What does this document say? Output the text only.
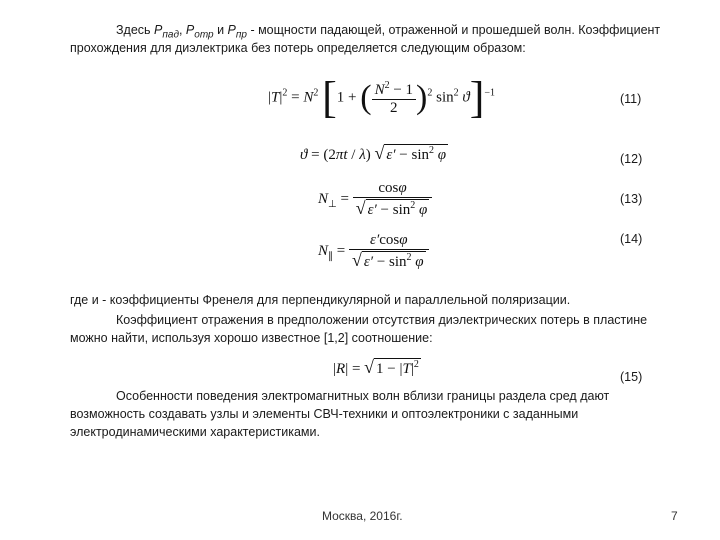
Здесь $Р_{пад}$, $Р_{отр}$ и $Р_{пр}$ - мощности падающей, отраженной и прошедшей волн. Коэффициент
прохождения для диэлектрика без потерь определяется следующим образом:
$|T|^2 = N^2$ [1 + ( $\frac{N^2 - 1}{2} )^2$ $\sin^2 ϑ]^{-1}$	(11)
ϑ = (2πt / λ) √ $\varepsilon' - \sin^2 \varphi$	(12)
$N_\perp = \frac{\cos\varphi}{√ \varepsilon' - \sin^2 \varphi}$	(13)
$N_\parallel = \frac{\varepsilon'\cos\varphi}{√ \varepsilon' - \sin^2 \varphi}$	(14)
где и - коэффициенты Френеля для перпендикулярной и параллельной поляризации.
Коэффициент отражения в предположении отсутствия диэлектрических потерь в пластине
можно найти, используя хорошо известное [1,2] соотношение:
|R| = √ $1 - |T|^2$
(15)
Особенности поведения электромагнитных волн вблизи границы раздела сред дают
возможность создавать узлы и элементы СВЧ-техники и оптоэлектроники с заданными
электродинамическими характеристиками.
Москва, 2016г.	7
